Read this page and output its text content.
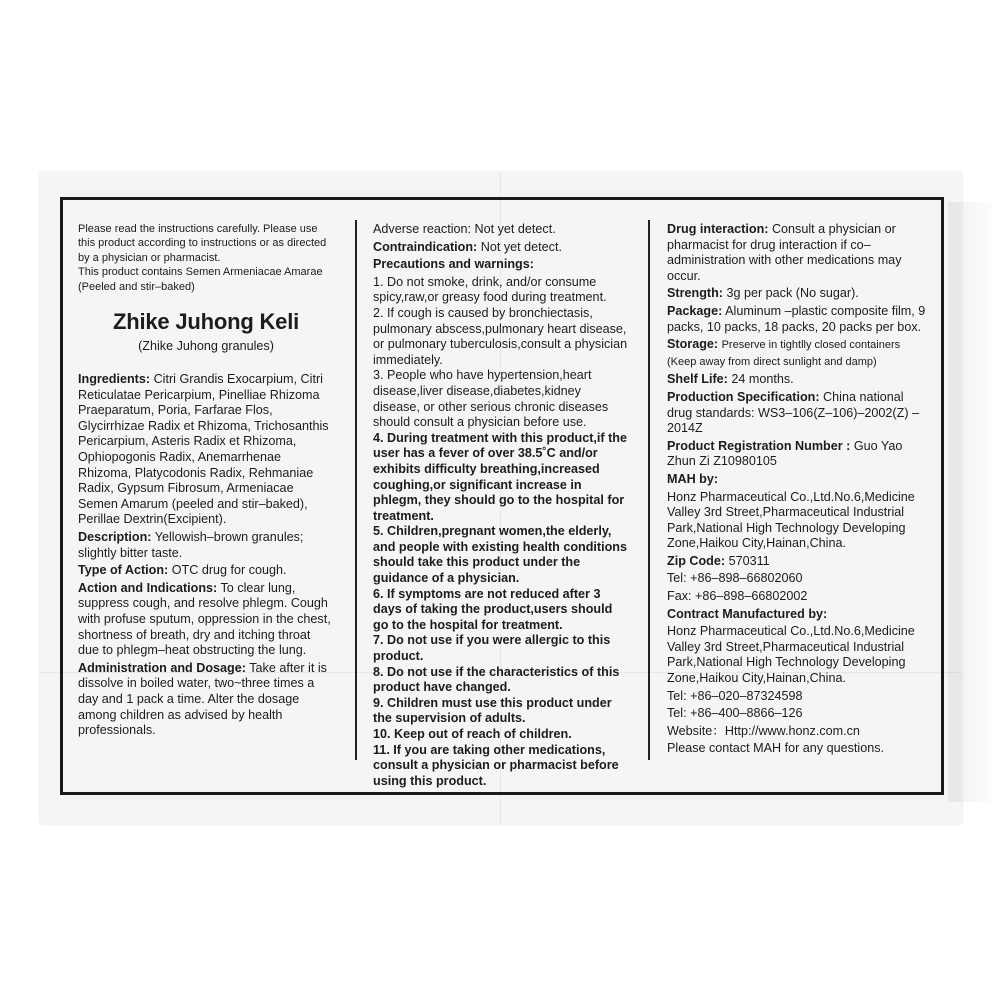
Please read the instructions carefully. Please use this product according to instructions or as directed by a physician or pharmacist.
This product contains Semen Armeniacae Amarae (Peeled and stir–baked)
Zhike Juhong Keli
(Zhike Juhong granules)
Ingredients: Citri Grandis Exocarpium, Citri Reticulatae Pericarpium, Pinelliae Rhizoma Praeparatum, Poria, Farfarae Flos, Glycirrhizae Radix et Rhizoma, Trichosanthis Pericarpium, Asteris Radix et Rhizoma, Ophiopogonis Radix, Anemarrhenae Rhizoma, Platycodonis Radix, Rehmaniae Radix, Gypsum Fibrosum, Armeniacae Semen Amarum (peeled and stir–baked), Perillae Dextrin(Excipient).
Description: Yellowish–brown granules; slightly bitter taste.
Type of Action: OTC drug for cough.
Action and Indications: To clear lung, suppress cough, and resolve phlegm. Cough with profuse sputum, oppression in the chest, shortness of breath, dry and itching throat due to phlegm–heat obstructing the lung.
Administration and Dosage: Take after it is dissolve in boiled water, two~three times a day and 1 pack a time. Alter the dosage among children as advised by health professionals.
Adverse reaction: Not yet detect.
Contraindication: Not yet detect.
Precautions and warnings:
1. Do not smoke, drink, and/or consume spicy,raw,or greasy food during treatment.
2. If cough is caused by bronchiectasis, pulmonary abscess,pulmonary heart disease, or pulmonary tuberculosis,consult a physician immediately.
3. People who have hypertension,heart disease,liver disease,diabetes,kidney disease, or other serious chronic diseases should consult a physician before use.
4. During treatment with this product,if the user has a fever of over 38.5˚C and/or exhibits difficulty breathing,increased coughing,or significant increase in phlegm, they should go to the hospital for treatment.
5. Children,pregnant women,the elderly, and people with existing health conditions should take this product under the guidance of a physician.
6. If symptoms are not reduced after 3 days of taking the product,users should go to the hospital for treatment.
7. Do not use if you were allergic to this product.
8. Do not use if the characteristics of this product have changed.
9. Children must use this product under the supervision of adults.
10. Keep out of reach of children.
11. If you are taking other medications, consult a physician or pharmacist before using this product.
Drug interaction: Consult a physician or pharmacist for drug interaction if co–administration with other medications may occur.
Strength: 3g per pack (No sugar).
Package: Aluminum –plastic composite film, 9 packs, 10 packs, 18 packs, 20 packs per box.
Storage: Preserve in tightlly closed containers (Keep away from direct sunlight and damp)
Shelf Life: 24 months.
Production Specification: China national drug standards: WS3–106(Z–106)–2002(Z) –2014Z
Product Registration Number : Guo Yao Zhun Zi Z10980105
MAH by:
Honz Pharmaceutical Co.,Ltd.No.6,Medicine Valley 3rd Street,Pharmaceutical Industrial Park,National High Technology Developing Zone,Haikou City,Hainan,China.
Zip Code: 570311
Tel: +86–898–66802060
Fax: +86–898–66802002
Contract Manufactured by:
Honz Pharmaceutical Co.,Ltd.No.6,Medicine Valley 3rd Street,Pharmaceutical Industrial Park,National High Technology Developing Zone,Haikou City,Hainan,China.
Tel: +86–020–87324598
Tel: +86–400–8866–126
Website：Http://www.honz.com.cn
Please contact MAH for any questions.
